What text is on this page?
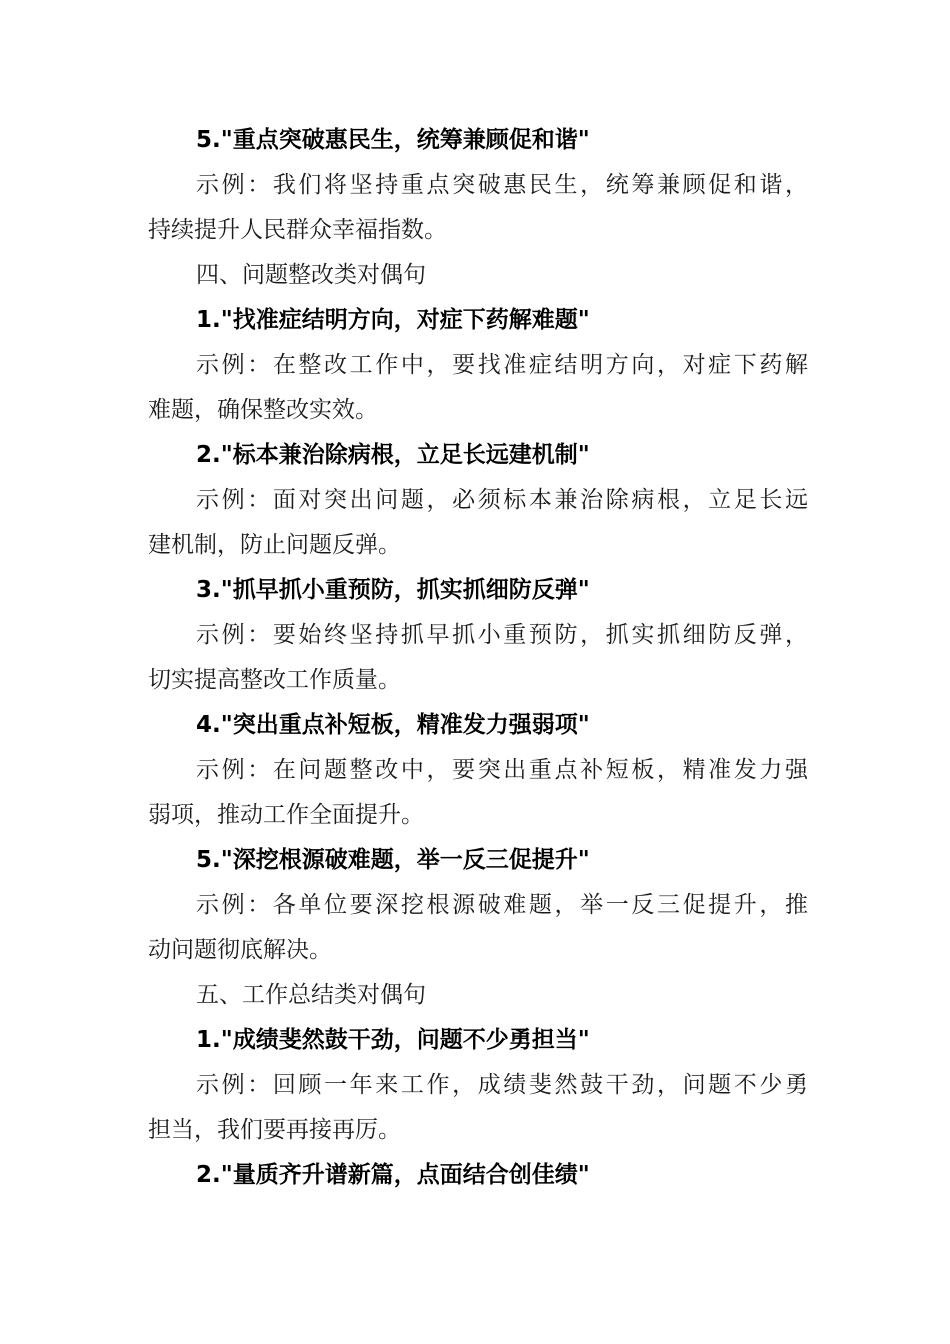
5."重点突破惠民生，统筹兼顾促和谐"
示例：我们将坚持重点突破惠民生，统筹兼顾促和谐，
持续提升人民群众幸福指数。
四、问题整改类对偶句
1."找准症结明方向，对症下药解难题"
示例：在整改工作中，要找准症结明方向，对症下药解
难题，确保整改实效。
2."标本兼治除病根，立足长远建机制"
示例：面对突出问题，必须标本兼治除病根，立足长远
建机制，防止问题反弹。
3."抓早抓小重预防，抓实抓细防反弹"
示例：要始终坚持抓早抓小重预防，抓实抓细防反弹，
切实提高整改工作质量。
4."突出重点补短板，精准发力强弱项"
示例：在问题整改中，要突出重点补短板，精准发力强
弱项，推动工作全面提升。
5."深挖根源破难题，举一反三促提升"
示例：各单位要深挖根源破难题，举一反三促提升，推
动问题彻底解决。
五、工作总结类对偶句
1."成绩斐然鼓干劲，问题不少勇担当"
示例：回顾一年来工作，成绩斐然鼓干劲，问题不少勇
担当，我们要再接再厉。
2."量质齐升谱新篇，点面结合创佳绩"
